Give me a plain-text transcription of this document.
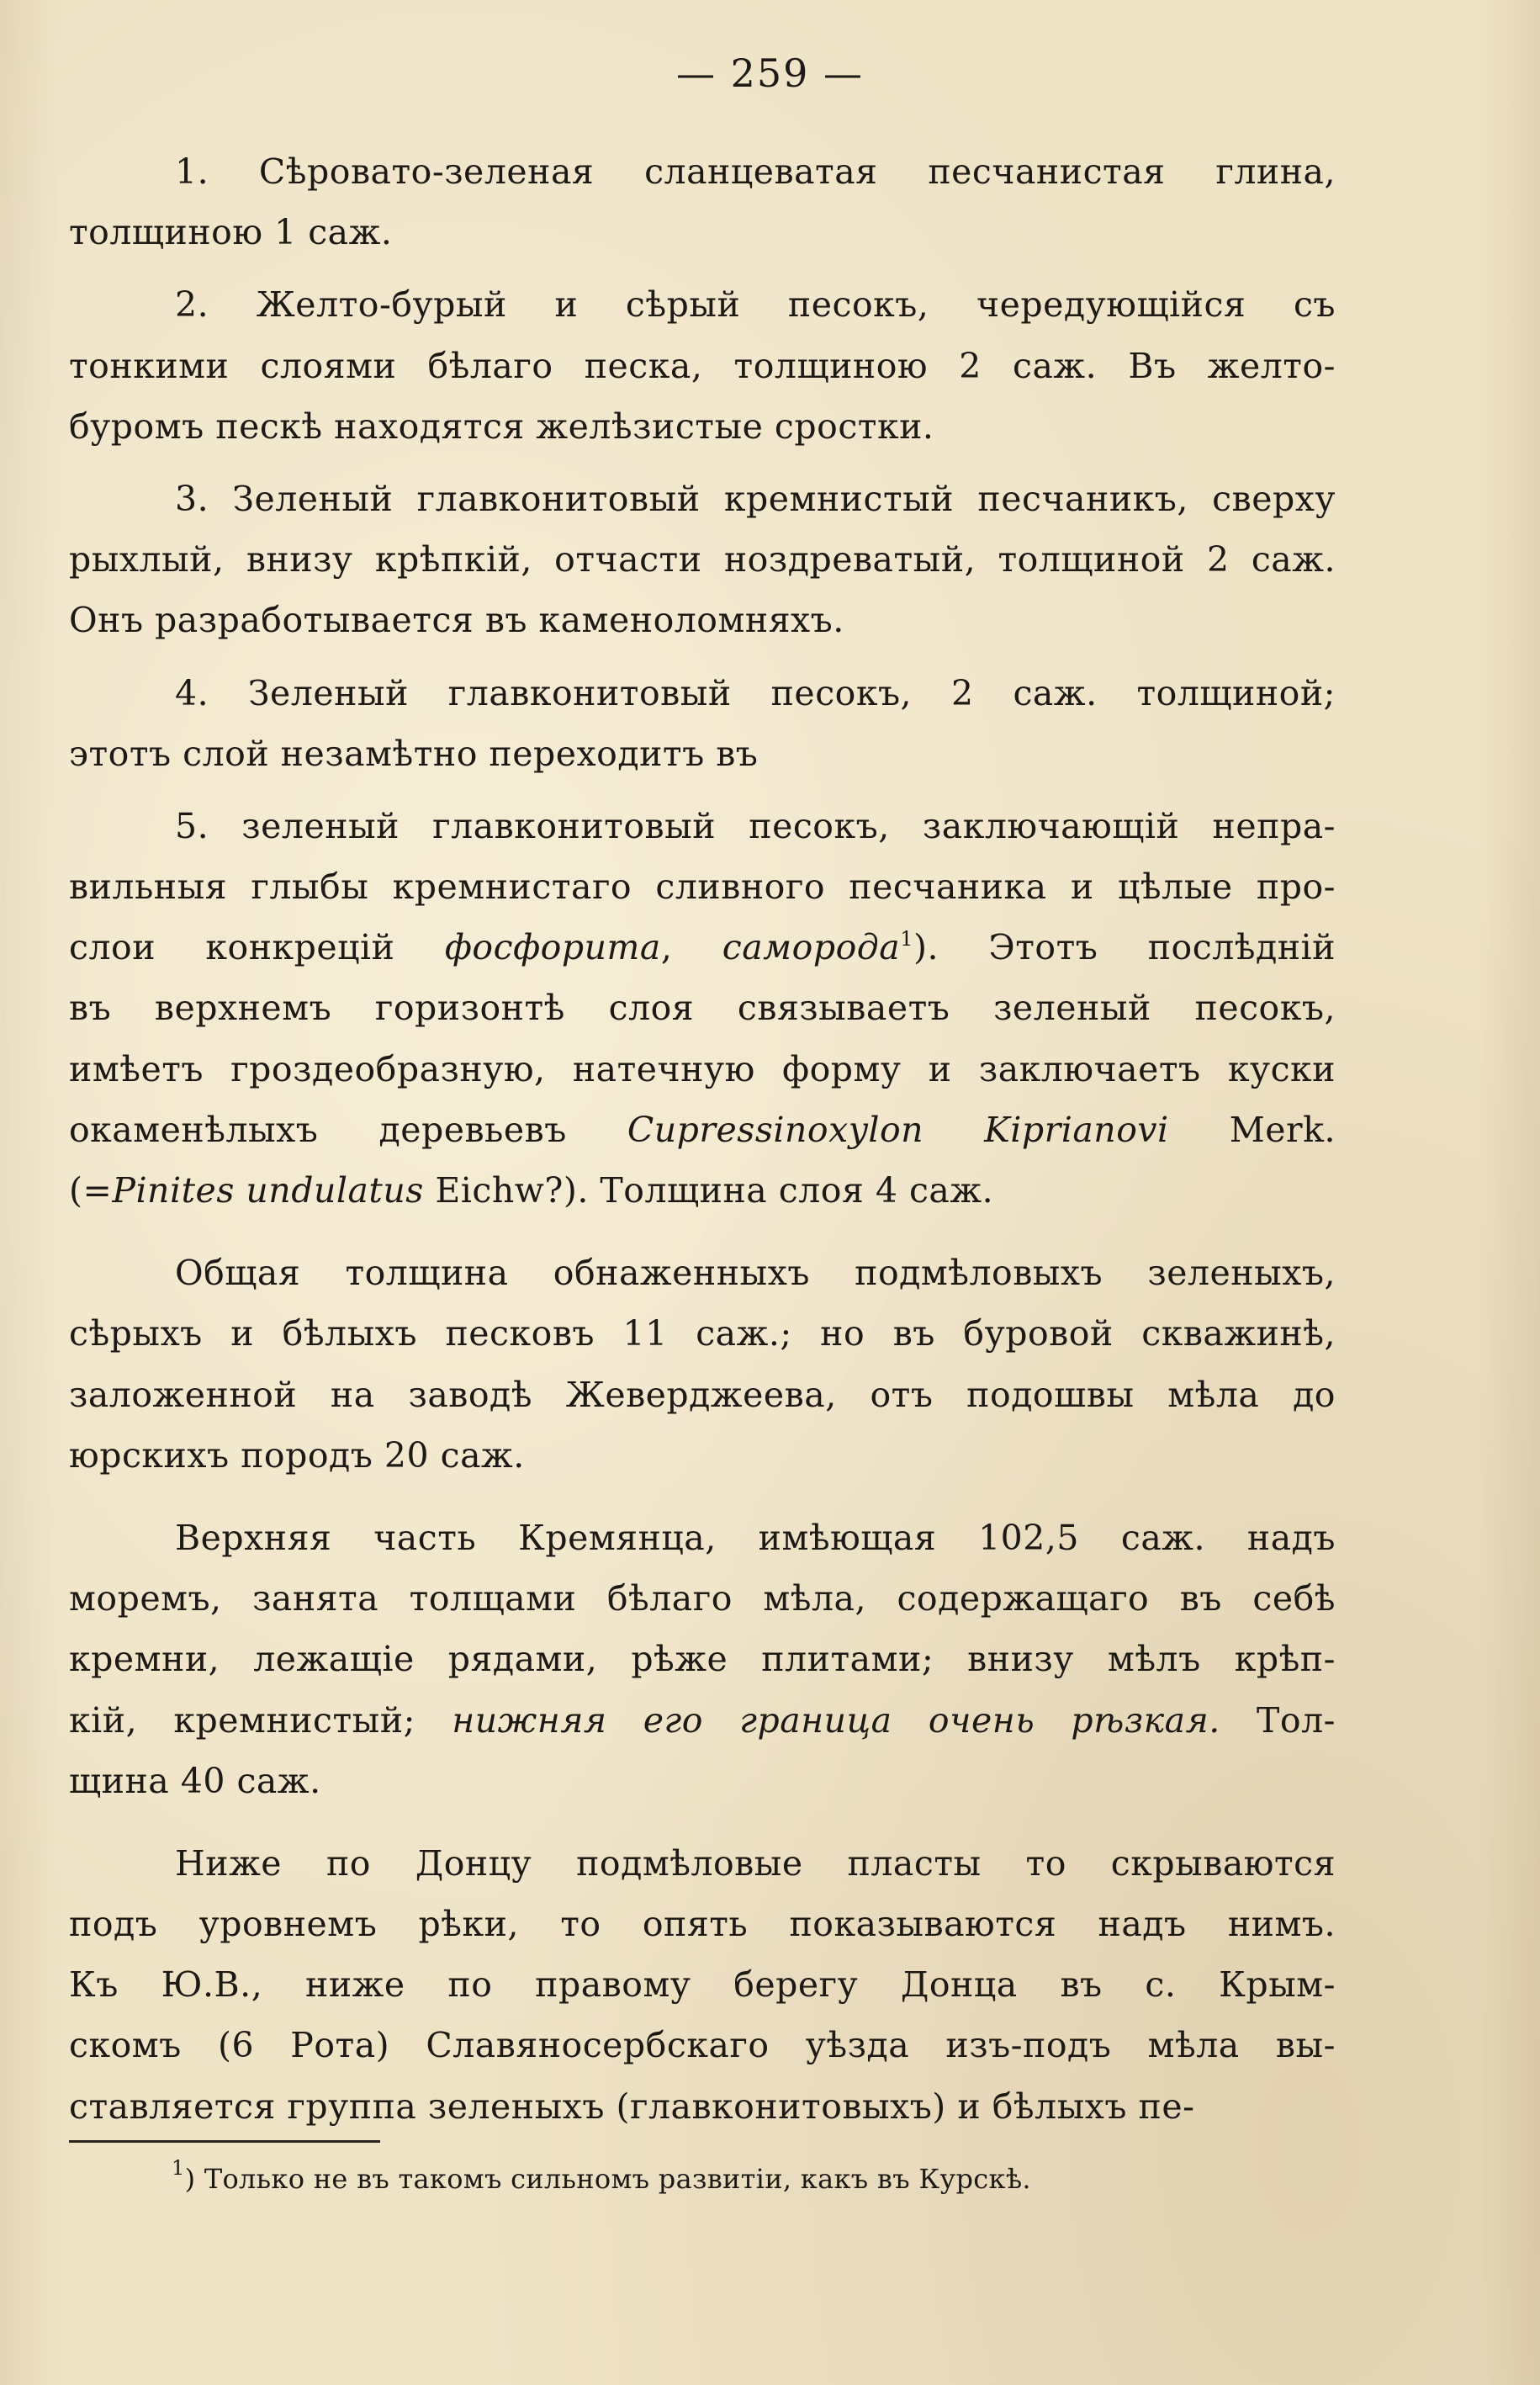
— 259 —
1. Сѣровато-зеленая сланцеватая песчанистая глина,
толщиною 1 саж.
2. Желто-бурый и сѣрый песокъ, чередующійся съ
тонкими слоями бѣлаго песка, толщиною 2 саж. Въ желто-
буромъ пескѣ находятся желѣзистые сростки.
3. Зеленый главконитовый кремнистый песчаникъ, сверху
рыхлый, внизу крѣпкій, отчасти ноздреватый, толщиной 2 саж.
Онъ разработывается въ каменоломняхъ.
4. Зеленый главконитовый песокъ, 2 саж. толщиной;
этотъ слой незамѣтно переходитъ въ
5. зеленый главконитовый песокъ, заключающій непра-
вильныя глыбы кремнистаго сливного песчаника и цѣлые про-
слои конкрецій фосфорита, самородa$^1$). Этотъ послѣдній
въ верхнемъ горизонтѣ слоя связываетъ зеленый песокъ,
имѣетъ гроздеобразную, натечную форму и заключаетъ куски
окаменѣлыхъ деревьевъ Cupressinoxylon Kiprianovi Merk.
(=Pinites undulatus Eichw?). Толщина слоя 4 саж.
Общая толщина обнаженныхъ подмѣловыхъ зеленыхъ,
сѣрыхъ и бѣлыхъ песковъ 11 саж.; но въ буровой скважинѣ,
заложенной на заводѣ Жеверджеева, отъ подошвы мѣла до
юрскихъ породъ 20 саж.
Верхняя часть Кремянца, имѣющая 102,5 саж. надъ
моремъ, занята толщами бѣлаго мѣла, содержащаго въ себѣ
кремни, лежащіе рядами, рѣже плитами; внизу мѣлъ крѣп-
кій, кремнистый; нижняя его граница очень рѣзкая. Тол-
щина 40 саж.
Ниже по Донцу подмѣловые пласты то скрываются
подъ уровнемъ рѣки, то опять показываются надъ нимъ.
Къ Ю.В., ниже по правому берегу Донца въ с. Крым-
скомъ (6 Рота) Славяносербскаго уѣзда изъ-подъ мѣла вы-
ставляется группа зеленыхъ (главконитовыхъ) и бѣлыхъ пе-
$^1$) Только не въ такомъ сильномъ развитіи, какъ въ Курскѣ.
